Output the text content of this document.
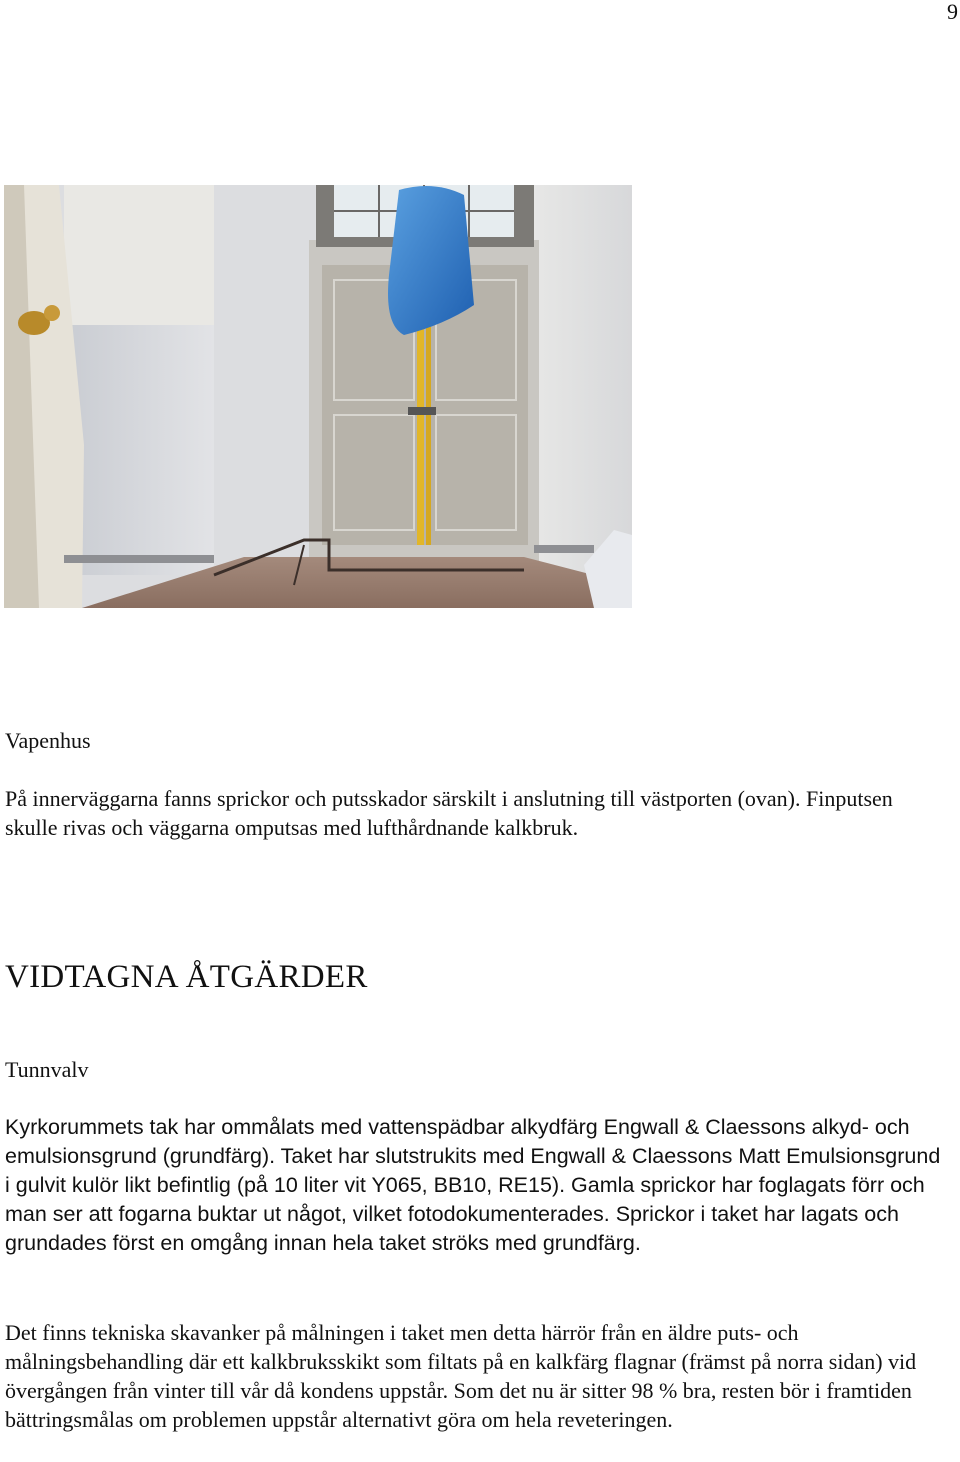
9
Vapenhus
På innerväggarna fanns sprickor och putsskador särskilt i anslutning till västporten (ovan). Finputsen skulle rivas och väggarna omputsas med lufthårdnande kalkbruk.
VIDTAGNA ÅTGÄRDER
Tunnvalv
Kyrkorummets tak har ommålats med vattenspädbar alkydfärg Engwall & Claessons alkyd- och emulsionsgrund (grundfärg). Taket har slutstrukits med Engwall & Claessons Matt Emulsionsgrund i gulvit kulör likt befintlig (på 10 liter vit Y065, BB10, RE15). Gamla sprickor har foglagats förr och man ser att fogarna buktar ut något, vilket fotodokumenterades. Sprickor i taket har lagats och grundades först en omgång innan hela taket ströks med grundfärg.
Det finns tekniska skavanker på målningen i taket men detta härrör från en äldre puts- och målningsbehandling där ett kalkbruksskikt som filtats på en kalkfärg flagnar (främst på norra sidan) vid övergången från vinter till vår då kondens uppstår. Som det nu är sitter 98 % bra, resten bör i framtiden bättringsmålas om problemen uppstår alternativt göra om hela reveteringen.
